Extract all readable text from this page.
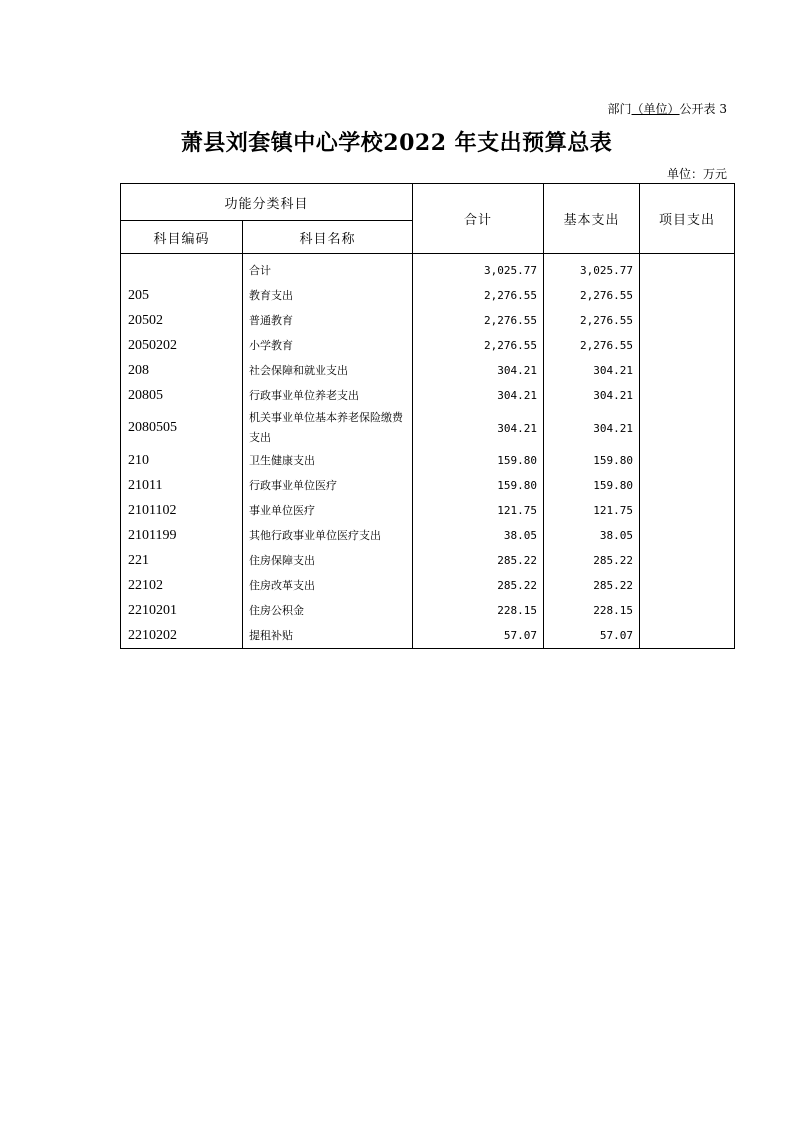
部门（单位）公开表 3
萧县刘套镇中心学校2022 年支出预算总表
单位：万元
功能分类科目		合计	基本支出	项目支出
科目编码	科目名称			
	合计	3,025.77	3,025.77	
205	教育支出	2,276.55	2,276.55	
20502	普通教育	2,276.55	2,276.55	
2050202	小学教育	2,276.55	2,276.55	
208	社会保障和就业支出	304.21	304.21	
20805	行政事业单位养老支出	304.21	304.21	
2080505	机关事业单位基本养老保险缴费支出	304.21	304.21	
210	卫生健康支出	159.80	159.80	
21011	行政事业单位医疗	159.80	159.80	
2101102	事业单位医疗	121.75	121.75	
2101199	其他行政事业单位医疗支出	38.05	38.05	
221	住房保障支出	285.22	285.22	
22102	住房改革支出	285.22	285.22	
2210201	住房公积金	228.15	228.15	
2210202	提租补贴	57.07	57.07	
